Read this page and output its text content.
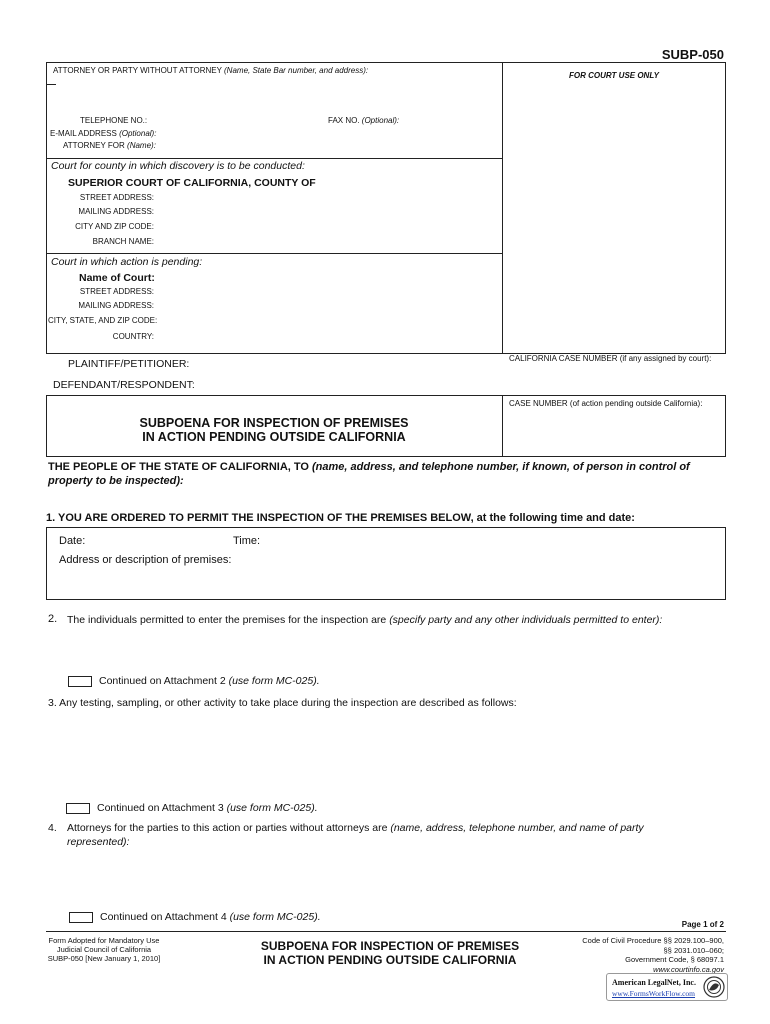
SUBP-050
ATTORNEY OR PARTY WITHOUT ATTORNEY (Name, State Bar number, and address):
FOR COURT USE ONLY
TELEPHONE NO.:	FAX NO. (Optional):
E-MAIL ADDRESS (Optional):
ATTORNEY FOR (Name):
Court for county in which discovery is to be conducted:
SUPERIOR COURT OF CALIFORNIA, COUNTY OF
STREET ADDRESS:
MAILING ADDRESS:
CITY AND ZIP CODE:
BRANCH NAME:
Court in which action is pending:
Name of Court:
STREET ADDRESS:
MAILING ADDRESS:
CITY, STATE, AND ZIP CODE:
COUNTRY:
PLAINTIFF/PETITIONER:
DEFENDANT/RESPONDENT:
CALIFORNIA CASE NUMBER (if any assigned by court):
CASE NUMBER (of action pending outside California):
SUBPOENA FOR INSPECTION OF PREMISES
IN ACTION PENDING OUTSIDE CALIFORNIA
THE PEOPLE OF THE STATE OF CALIFORNIA, TO (name, address, and telephone number, if known, of person in control of
property to be inspected):
1. YOU ARE ORDERED TO PERMIT THE INSPECTION OF THE PREMISES BELOW, at the following time and date:
Date:	Time:
Address or description of premises:
2. The individuals permitted to enter the premises for the inspection are (specify party and any other individuals permitted to enter):
Continued on Attachment 2 (use form MC-025).
3. Any testing, sampling, or other activity to take place during the inspection are described as follows:
Continued on Attachment 3 (use form MC-025).
4. Attorneys for the parties to this action or parties without attorneys are (name, address, telephone number, and name of party
represented):
Continued on Attachment 4 (use form MC-025).
Page 1 of 2
Form Adopted for Mandatory Use
Judicial Council of California
SUBP-050 [New January 1, 2010]
SUBPOENA FOR INSPECTION OF PREMISES
IN ACTION PENDING OUTSIDE CALIFORNIA
Code of Civil Procedure §§ 2029.100–900,
§§ 2031.010–060;
Government Code, § 68097.1
www.courtinfo.ca.gov
American LegalNet, Inc.
www.FormsWorkFlow.com
